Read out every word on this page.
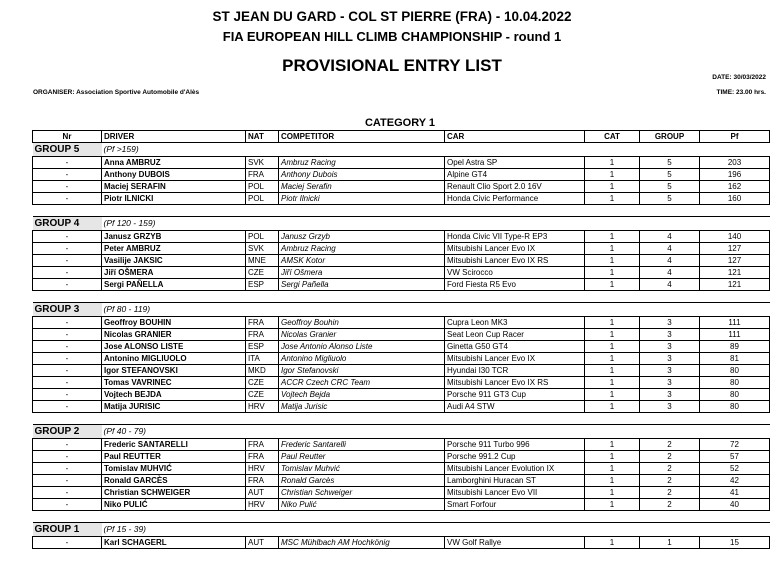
ST JEAN DU GARD - COL ST PIERRE (FRA) - 10.04.2022
FIA EUROPEAN HILL CLIMB CHAMPIONSHIP - round 1
PROVISIONAL ENTRY LIST
DATE: 30/03/2022
ORGANISER: Association Sportive Automobile d'Alès	TIME: 23.00 hrs.
CATEGORY 1
Nr	DRIVER	NAT	COMPETITOR	CAR	CAT	GROUP	Pf
GROUP 5	(Pf >159)						
-	Anna AMBRUZ	SVK	Ambruz Racing	Opel Astra SP	1	5	203
-	Anthony DUBOIS	FRA	Anthony Dubois	Alpine GT4	1	5	196
-	Maciej SERAFIN	POL	Maciej Serafin	Renault Clio Sport 2.0 16V	1	5	162
-	Piotr ILNICKI	POL	Piotr Ilnicki	Honda Civic Performance	1	5	160

GROUP 4	(Pf 120 - 159)						
-	Janusz GRZYB	POL	Janusz Grzyb	Honda Civic VII Type-R EP3	1	4	140
-	Peter AMBRUZ	SVK	Ambruz Racing	Mitsubishi Lancer Evo IX	1	4	127
-	Vasilije JAKSIC	MNE	AMSK Kotor	Mitsubishi Lancer Evo IX RS	1	4	127
-	Jiří OŠMERA	CZE	Jiří Ošmera	VW Scirocco	1	4	121
-	Sergi PAÑELLA	ESP	Sergi Pañella	Ford Fiesta R5 Evo	1	4	121

GROUP 3	(Pf 80 - 119)						
-	Geoffroy BOUHIN	FRA	Geoffroy Bouhin	Cupra Leon MK3	1	3	111
-	Nicolas GRANIER	FRA	Nicolas Granier	Seat Leon Cup Racer	1	3	111
-	Jose ALONSO LISTE	ESP	Jose Antonio Alonso Liste	Ginetta G50 GT4	1	3	89
-	Antonino MIGLIUOLO	ITA	Antonino Migliuolo	Mitsubishi Lancer Evo IX	1	3	81
-	Igor STEFANOVSKI	MKD	Igor Stefanovski	Hyundai I30 TCR	1	3	80
-	Tomas VAVRINEC	CZE	ACCR Czech CRC Team	Mitsubishi Lancer Evo IX RS	1	3	80
-	Vojtech BEJDA	CZE	Vojtech Bejda	Porsche 911 GT3 Cup	1	3	80
-	Matija JURISIC	HRV	Matija Jurisic	Audi A4 STW	1	3	80

GROUP 2	(Pf 40 - 79)						
-	Frederic SANTARELLI	FRA	Frederic Santarelli	Porsche 911 Turbo 996	1	2	72
-	Paul REUTTER	FRA	Paul Reutter	Porsche 991.2 Cup	1	2	57
-	Tomislav MUHVIĆ	HRV	Tomislav Muhvić	Mitsubishi Lancer Evolution IX	1	2	52
-	Ronald GARCÈS	FRA	Ronald Garcès	Lamborghini Huracan ST	1	2	42
-	Christian SCHWEIGER	AUT	Christian Schweiger	Mitsubishi Lancer Evo VII	1	2	41
-	Niko PULIĆ	HRV	Niko Pulić	Smart Forfour	1	2	40

GROUP 1	(Pf 15 - 39)						
-	Karl SCHAGERL	AUT	MSC Mühlbach AM Hochkönig	VW Golf Rallye	1	1	15
